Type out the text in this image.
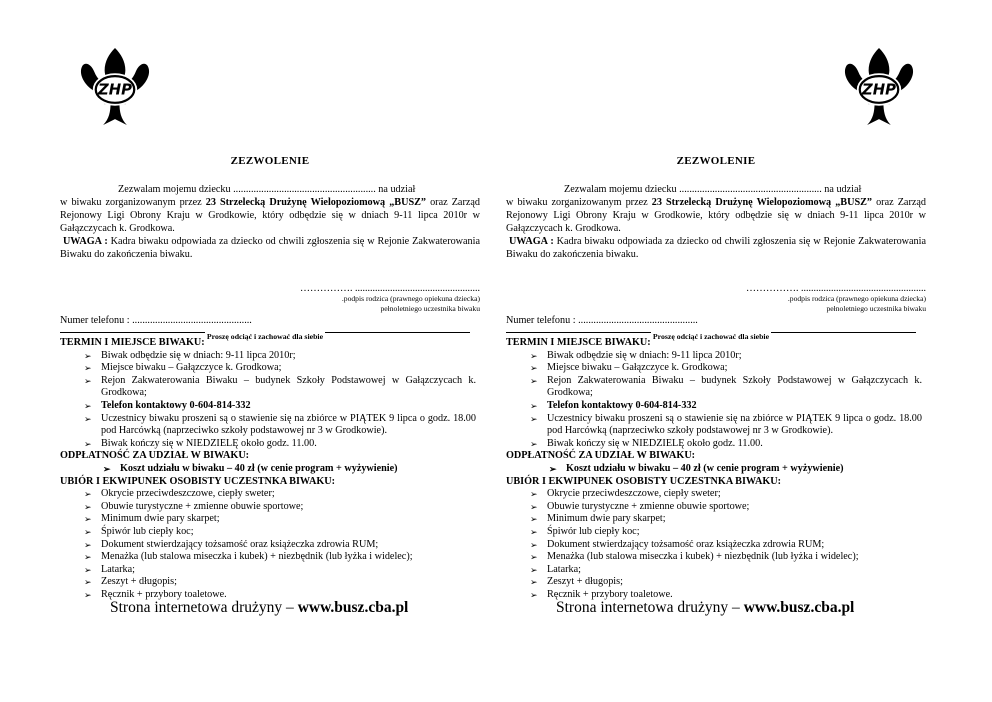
ZHP
ZEZWOLENIE
Zezwalam mojemu dziecku ........................................................ na udział
w biwaku zorganizowanym przez 23 Strzelecką Drużynę Wielopoziomową „BUSZ” oraz Zarząd Rejonowy Ligi Obrony Kraju w Grodkowie, który odbędzie się w dniach 9-11 lipca 2010r w Gałązczycach k. Grodkowa.
UWAGA : Kadra biwaku odpowiada za dziecko od chwili zgłoszenia się w Rejonie Zakwaterowania Biwaku do zakończenia biwaku.
……………. ..................................................
.podpis rodzica (prawnego opiekuna dziecka)
pełnoletniego uczestnika biwaku
Numer telefonu : ...............................................
Proszę odciąć i zachować dla siebie
TERMIN I MIEJSCE BIWAKU:
➢ Biwak odbędzie się w dniach: 9-11 lipca 2010r;
➢ Miejsce biwaku – Gałązczyce k. Grodkowa;
➢ Rejon Zakwaterowania Biwaku – budynek Szkoły Podstawowej w Gałązczycach k. Grodkowa;
➢ Telefon kontaktowy 0-604-814-332
➢ Uczestnicy biwaku proszeni są o stawienie się na zbiórce w PIĄTEK 9 lipca o godz. 18.00 pod Harcówką (naprzeciwko szkoły podstawowej nr 3 w Grodkowie).
➢ Biwak kończy się w NIEDZIELĘ około godz. 11.00.
ODPŁATNOŚĆ ZA UDZIAŁ W BIWAKU:
➢ Koszt udziału w biwaku – 40 zł (w cenie program + wyżywienie)
UBIÓR I EKWIPUNEK OSOBISTY UCZESTNKA BIWAKU:
➢ Okrycie przeciwdeszczowe, ciepły sweter;
➢ Obuwie turystyczne + zmienne obuwie sportowe;
➢ Minimum dwie pary skarpet;
➢ Śpiwór lub ciepły koc;
➢ Dokument stwierdzający tożsamość oraz książeczka zdrowia RUM;
➢ Menażka (lub stalowa miseczka i kubek) + niezbędnik (lub łyżka i widelec);
➢ Latarka;
➢ Zeszyt + długopis;
➢ Ręcznik + przybory toaletowe.
Strona internetowa drużyny – www.busz.cba.pl
ZHP
ZEZWOLENIE
Zezwalam mojemu dziecku ........................................................ na udział
w biwaku zorganizowanym przez 23 Strzelecką Drużynę Wielopoziomową „BUSZ” oraz Zarząd Rejonowy Ligi Obrony Kraju w Grodkowie, który odbędzie się w dniach 9-11 lipca 2010r w Gałązczycach k. Grodkowa.
UWAGA : Kadra biwaku odpowiada za dziecko od chwili zgłoszenia się w Rejonie Zakwaterowania Biwaku do zakończenia biwaku.
……………. ..................................................
.podpis rodzica (prawnego opiekuna dziecka)
pełnoletniego uczestnika biwaku
Numer telefonu : ...............................................
Proszę odciąć i zachować dla siebie
TERMIN I MIEJSCE BIWAKU:
➢ Biwak odbędzie się w dniach: 9-11 lipca 2010r;
➢ Miejsce biwaku – Gałązczyce k. Grodkowa;
➢ Rejon Zakwaterowania Biwaku – budynek Szkoły Podstawowej w Gałązczycach k. Grodkowa;
➢ Telefon kontaktowy 0-604-814-332
➢ Uczestnicy biwaku proszeni są o stawienie się na zbiórce w PIĄTEK 9 lipca o godz. 18.00 pod Harcówką (naprzeciwko szkoły podstawowej nr 3 w Grodkowie).
➢ Biwak kończy się w NIEDZIELĘ około godz. 11.00.
ODPŁATNOŚĆ ZA UDZIAŁ W BIWAKU:
➢ Koszt udziału w biwaku – 40 zł (w cenie program + wyżywienie)
UBIÓR I EKWIPUNEK OSOBISTY UCZESTNKA BIWAKU:
➢ Okrycie przeciwdeszczowe, ciepły sweter;
➢ Obuwie turystyczne + zmienne obuwie sportowe;
➢ Minimum dwie pary skarpet;
➢ Śpiwór lub ciepły koc;
➢ Dokument stwierdzający tożsamość oraz książeczka zdrowia RUM;
➢ Menażka (lub stalowa miseczka i kubek) + niezbędnik (lub łyżka i widelec);
➢ Latarka;
➢ Zeszyt + długopis;
➢ Ręcznik + przybory toaletowe.
Strona internetowa drużyny – www.busz.cba.pl
